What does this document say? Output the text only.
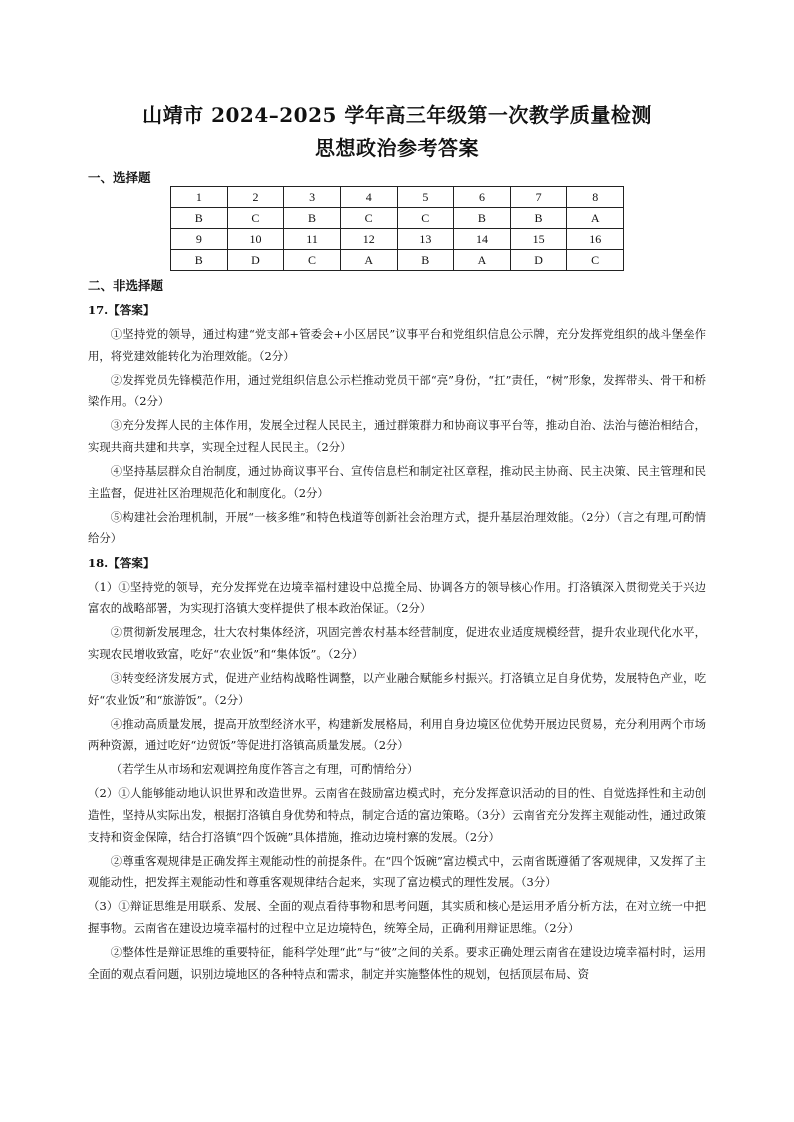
山靖市 2024–2025 学年高三年级第一次教学质量检测
思想政治参考答案
一、选择题
1	2	3	4	5	6	7	8
B	C	B	C	C	B	B	A
9	10	11	12	13	14	15	16
B	D	C	A	B	A	D	C
二、非选择题

17.【答案】

①坚持党的领导，通过构建“党支部+管委会+小区居民”议事平台和党组织信息公示牌，充分发挥党组织的战斗堡垒作用，将党建效能转化为治理效能。（2分）

②发挥党员先锋模范作用，通过党组织信息公示栏推动党员干部“亮”身份，“扛”责任，“树”形象，发挥带头、骨干和桥梁作用。（2分）

③充分发挥人民的主体作用，发展全过程人民民主，通过群策群力和协商议事平台等，推动自治、法治与德治相结合，实现共商共建和共享，实现全过程人民民主。（2分）

④坚持基层群众自治制度，通过协商议事平台、宣传信息栏和制定社区章程，推动民主协商、民主决策、民主管理和民主监督，促进社区治理规范化和制度化。（2分）

⑤构建社会治理机制，开展“一核多维”和特色栈道等创新社会治理方式，提升基层治理效能。（2分）（言之有理,可酌情给分）

18.【答案】

（1）①坚持党的领导，充分发挥党在边境幸福村建设中总揽全局、协调各方的领导核心作用。打洛镇深入贯彻党关于兴边富农的战略部署，为实现打洛镇大变样提供了根本政治保证。（2分）

②贯彻新发展理念，壮大农村集体经济，巩固完善农村基本经营制度，促进农业适度规模经营，提升农业现代化水平，实现农民增收致富，吃好“农业饭”和“集体饭”。（2分）

③转变经济发展方式，促进产业结构战略性调整，以产业融合赋能乡村振兴。打洛镇立足自身优势，发展特色产业，吃好“农业饭”和“旅游饭”。（2分）

④推动高质量发展，提高开放型经济水平，构建新发展格局，利用自身边境区位优势开展边民贸易，充分利用两个市场两种资源，通过吃好“边贸饭”等促进打洛镇高质量发展。（2分）

（若学生从市场和宏观调控角度作答言之有理，可酌情给分）

（2）①人能够能动地认识世界和改造世界。云南省在鼓励富边模式时，充分发挥意识活动的目的性、自觉选择性和主动创造性，坚持从实际出发，根据打洛镇自身优势和特点，制定合适的富边策略。（3分）云南省充分发挥主观能动性，通过政策支持和资金保障，结合打洛镇“四个饭碗”具体措施，推动边境村寨的发展。（2分）

②尊重客观规律是正确发挥主观能动性的前提条件。在“四个饭碗”富边模式中，云南省既遵循了客观规律，又发挥了主观能动性，把发挥主观能动性和尊重客观规律结合起来，实现了富边模式的理性发展。（3分）

（3）①辩证思维是用联系、发展、全面的观点看待事物和思考问题，其实质和核心是运用矛盾分析方法，在对立统一中把握事物。云南省在建设边境幸福村的过程中立足边境特色，统筹全局，正确利用辩证思维。（2分）

②整体性是辩证思维的重要特征，能科学处理“此”与“彼”之间的关系。要求正确处理云南省在建设边境幸福村时，运用全面的观点看问题，识别边境地区的各种特点和需求，制定并实施整体性的规划，包括顶层布局、资
